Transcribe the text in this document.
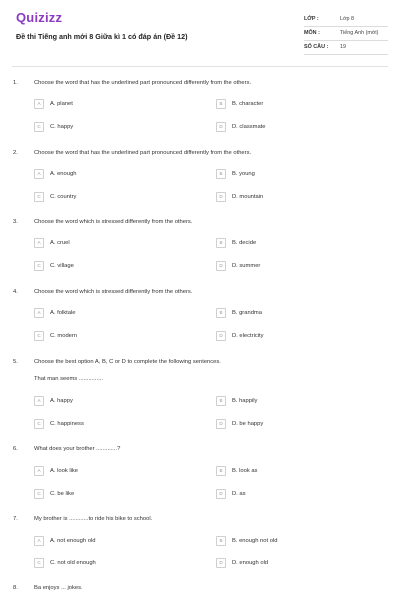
Quizizz
Đề thi Tiếng anh mới 8 Giữa kì 1 có đáp án (Đề 12)
LỚP :	Lớp 8
MÔN :	Tiếng Anh (mới)
SỐ CÂU : 19
1.	Choose the word that has the underlined part pronounced differently from the others.
A	A. planet	B	B. character
C	C. happy	D	D. classmate
2.	Choose the word that has the underlined part pronounced differently from the others.
A	A. enough	B	B. young
C	C. country	D	D. mountain
3.	Choose the word which is stressed differently from the others.
A	A. cruel	B	B. decide
C	C. village	D	D. summer
4.	Choose the word which is stressed differently from the others.
A	A. folktale	B	B. grandma
C	C. modern	D	D. electricity
5.	Choose the best option A, B, C or D to complete the following sentences.
That man seems ...............
A	A. happy	B	B. happily
C	C. happiness	D	D. be happy
6.	What does your brother .............?
A	A. look like	B	B. look as
C	C. be like	D	D. as
7.	My brother is ............to ride his bike to school.
A	A. not enough old	B	B. enough not old
C	C. not old enough	D	D. enough old
8.	Ba enjoys ... jokes.
